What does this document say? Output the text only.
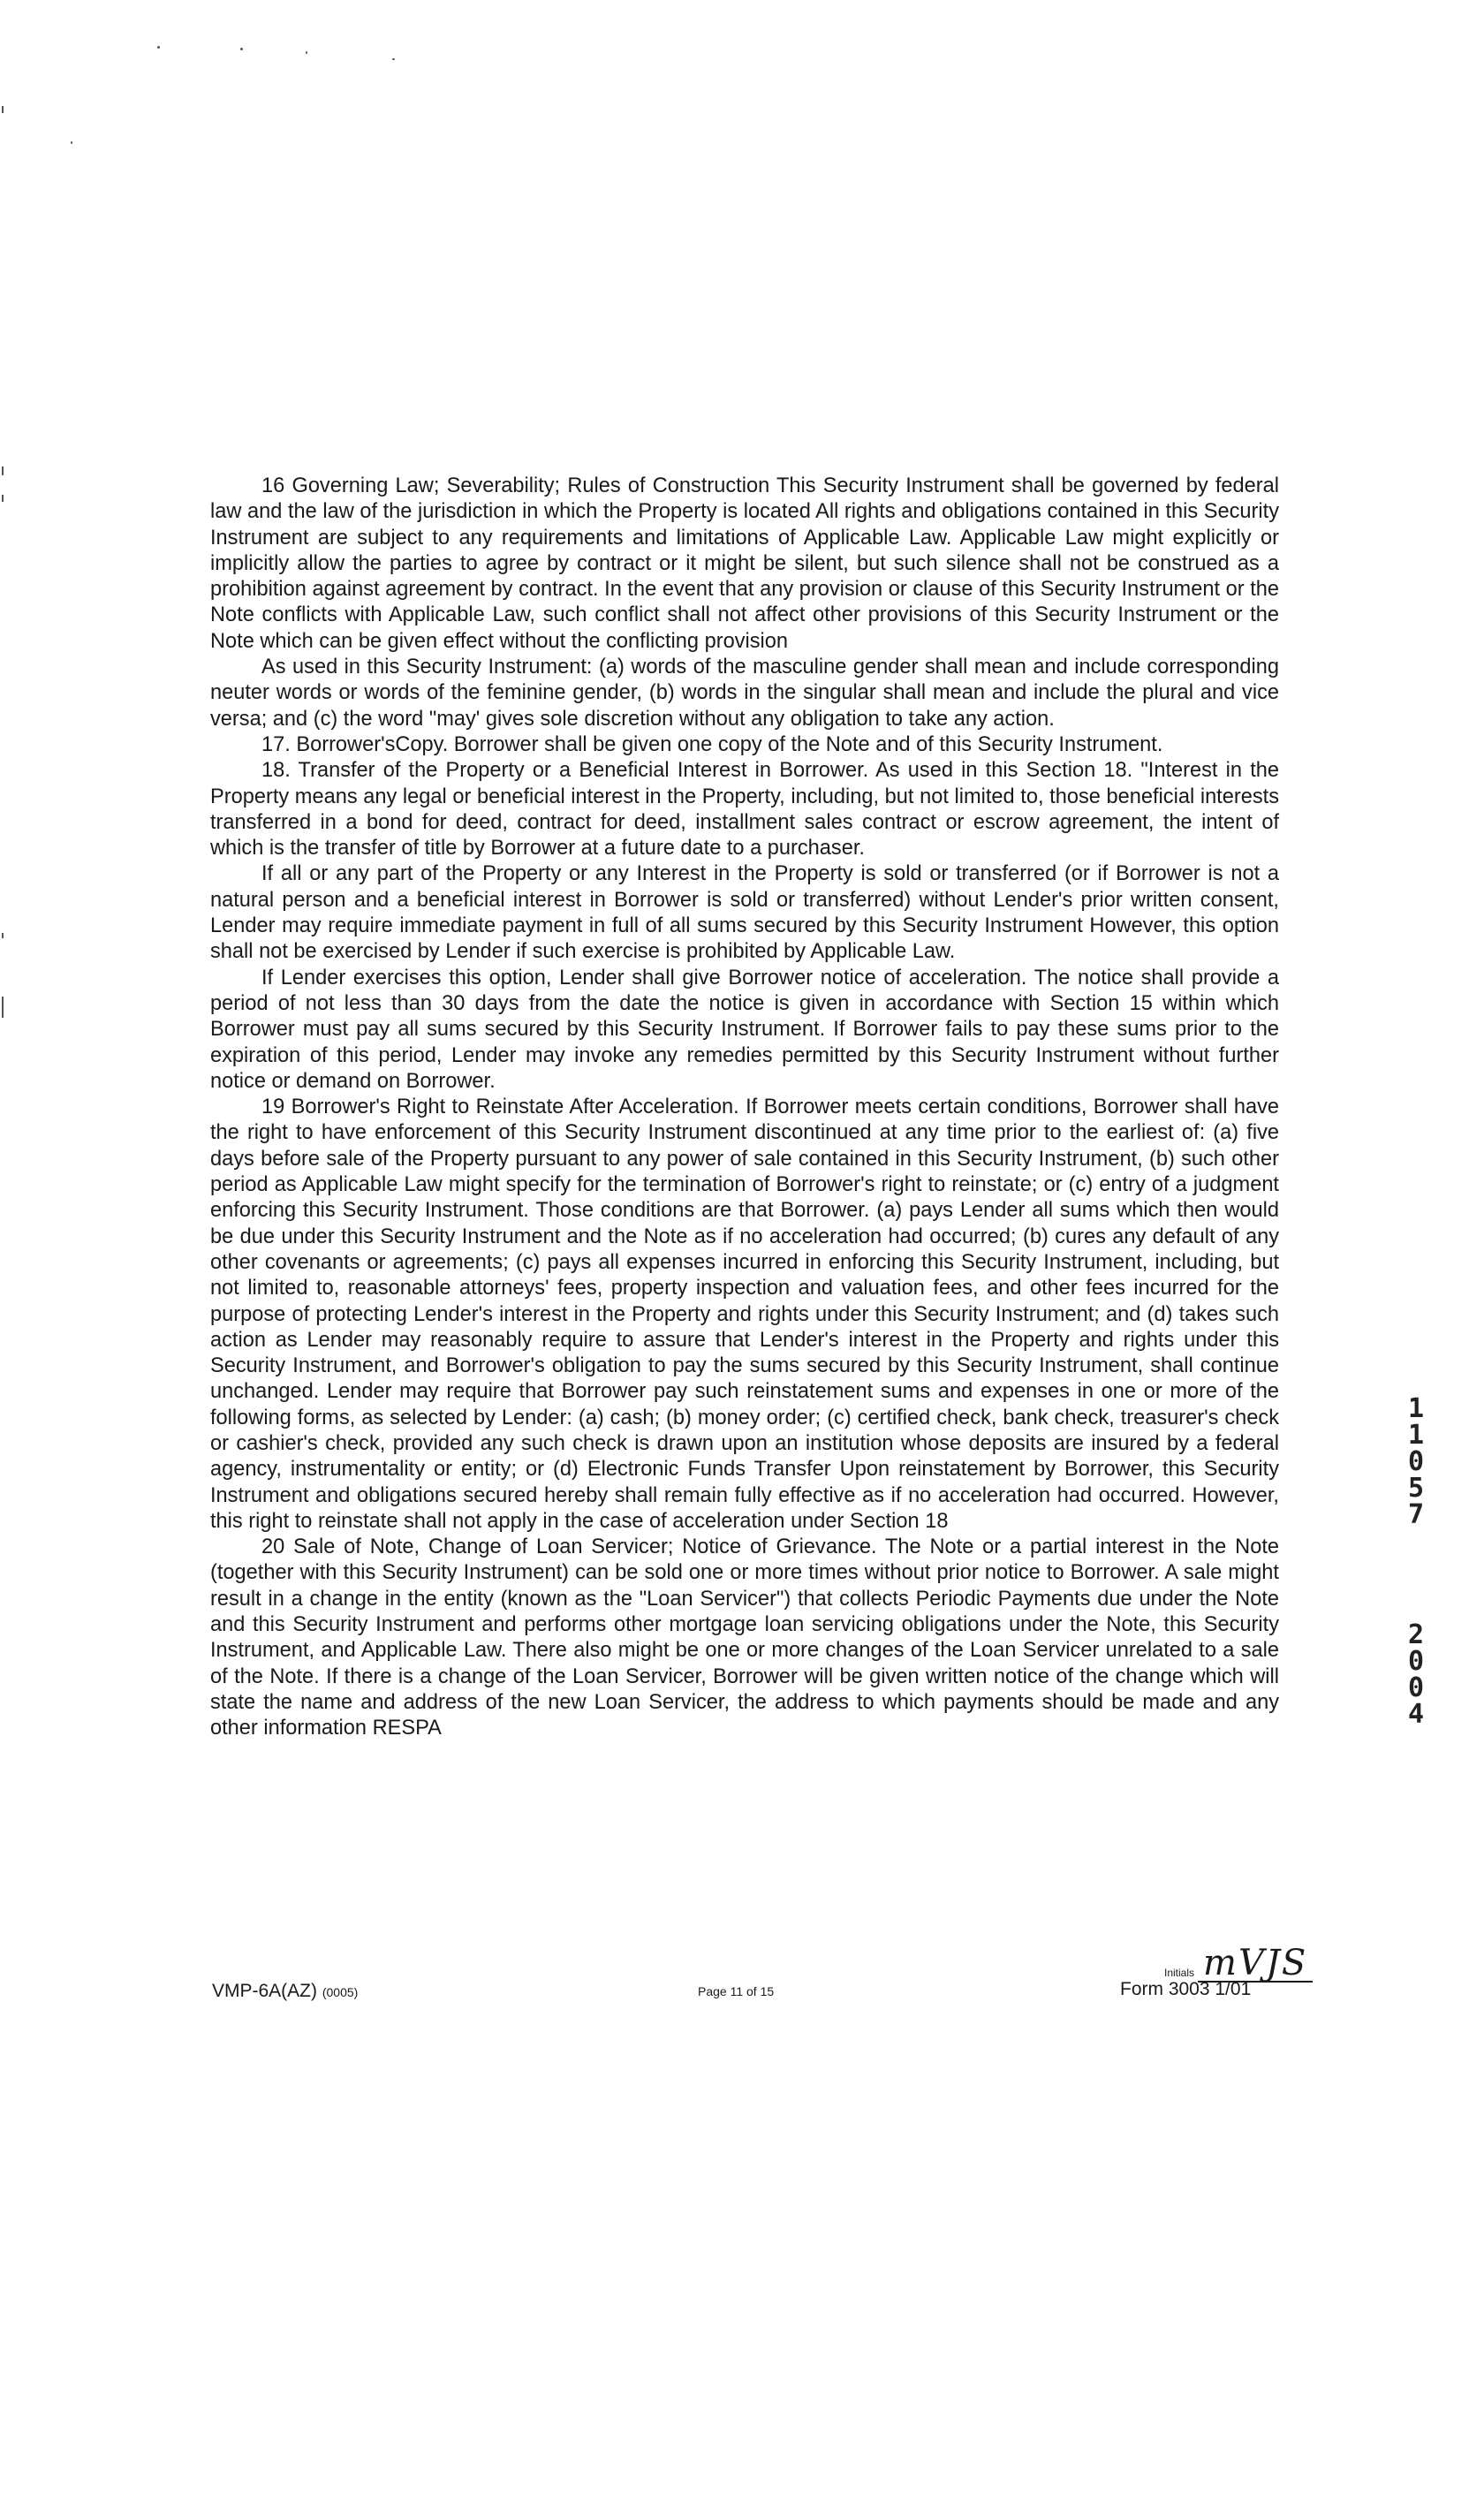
16 Governing Law; Severability; Rules of Construction This Security Instrument shall be governed by federal law and the law of the jurisdiction in which the Property is located All rights and obligations contained in this Security Instrument are subject to any requirements and limitations of Applicable Law. Applicable Law might explicitly or implicitly allow the parties to agree by contract or it might be silent, but such silence shall not be construed as a prohibition against agreement by contract. In the event that any provision or clause of this Security Instrument or the Note conflicts with Applicable Law, such conflict shall not affect other provisions of this Security Instrument or the Note which can be given effect without the conflicting provision

As used in this Security Instrument: (a) words of the masculine gender shall mean and include corresponding neuter words or words of the feminine gender, (b) words in the singular shall mean and include the plural and vice versa; and (c) the word "may' gives sole discretion without any obligation to take any action.

17. Borrower'sCopy. Borrower shall be given one copy of the Note and of this Security Instrument.

18. Transfer of the Property or a Beneficial Interest in Borrower. As used in this Section 18. "Interest in the Property means any legal or beneficial interest in the Property, including, but not limited to, those beneficial interests transferred in a bond for deed, contract for deed, installment sales contract or escrow agreement, the intent of which is the transfer of title by Borrower at a future date to a purchaser.

If all or any part of the Property or any Interest in the Property is sold or transferred (or if Borrower is not a natural person and a beneficial interest in Borrower is sold or transferred) without Lender's prior written consent, Lender may require immediate payment in full of all sums secured by this Security Instrument However, this option shall not be exercised by Lender if such exercise is prohibited by Applicable Law.

If Lender exercises this option, Lender shall give Borrower notice of acceleration. The notice shall provide a period of not less than 30 days from the date the notice is given in accordance with Section 15 within which Borrower must pay all sums secured by this Security Instrument. If Borrower fails to pay these sums prior to the expiration of this period, Lender may invoke any remedies permitted by this Security Instrument without further notice or demand on Borrower.

19 Borrower's Right to Reinstate After Acceleration. If Borrower meets certain conditions, Borrower shall have the right to have enforcement of this Security Instrument discontinued at any time prior to the earliest of: (a) five days before sale of the Property pursuant to any power of sale contained in this Security Instrument, (b) such other period as Applicable Law might specify for the termination of Borrower's right to reinstate; or (c) entry of a judgment enforcing this Security Instrument. Those conditions are that Borrower. (a) pays Lender all sums which then would be due under this Security Instrument and the Note as if no acceleration had occurred; (b) cures any default of any other covenants or agreements; (c) pays all expenses incurred in enforcing this Security Instrument, including, but not limited to, reasonable attorneys' fees, property inspection and valuation fees, and other fees incurred for the purpose of protecting Lender's interest in the Property and rights under this Security Instrument; and (d) takes such action as Lender may reasonably require to assure that Lender's interest in the Property and rights under this Security Instrument, and Borrower's obligation to pay the sums secured by this Security Instrument, shall continue unchanged. Lender may require that Borrower pay such reinstatement sums and expenses in one or more of the following forms, as selected by Lender: (a) cash; (b) money order; (c) certified check, bank check, treasurer's check or cashier's check, provided any such check is drawn upon an institution whose deposits are insured by a federal agency, instrumentality or entity; or (d) Electronic Funds Transfer Upon reinstatement by Borrower, this Security Instrument and obligations secured hereby shall remain fully effective as if no acceleration had occurred. However, this right to reinstate shall not apply in the case of acceleration under Section 18

20 Sale of Note, Change of Loan Servicer; Notice of Grievance. The Note or a partial interest in the Note (together with this Security Instrument) can be sold one or more times without prior notice to Borrower. A sale might result in a change in the entity (known as the "Loan Servicer") that collects Periodic Payments due under the Note and this Security Instrument and performs other mortgage loan servicing obligations under the Note, this Security Instrument, and Applicable Law. There also might be one or more changes of the Loan Servicer unrelated to a sale of the Note. If there is a change of the Loan Servicer, Borrower will be given written notice of the change which will state the name and address of the new Loan Servicer, the address to which payments should be made and any other information RESPA

1
1
0
5
7
2
0
0
4
VMP-6A(AZ) (0005)	Page 11 of 15
Initials mVJS
Form 3003 1/01
